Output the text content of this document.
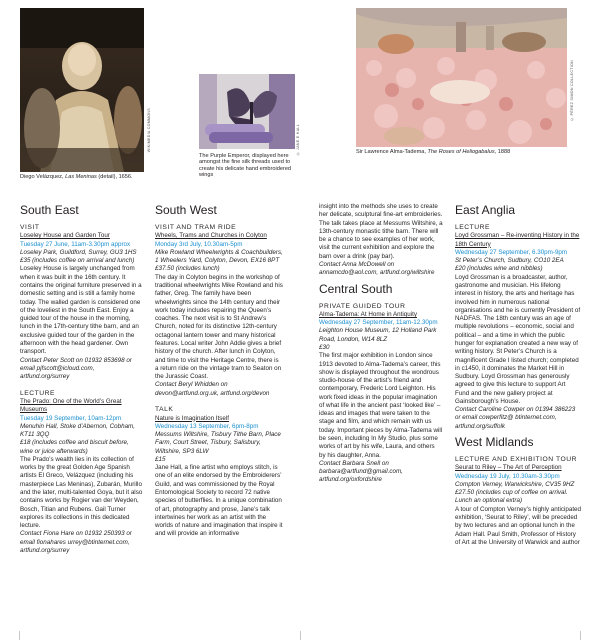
WIKIMEDIA COMMONS
Diego Velázquez, Las Meninas (detail), 1656.
© JANE E HALL
The Purple Emperor, displayed here amongst the fine silk threads used to create his delicate hand embroidered wings
© PÉREZ SIMON COLLECTION
Sir Lawrence Alma-Tadema, The Roses of Heliogabalus, 1888
South East

VISIT

Loseley House and Garden Tour

Tuesday 27 June, 11am-3.30pm approx

Loseley Park, Guildford, Surrey, GU3 1HS

£35 (includes coffee on arrival and lunch)

Loseley House is largely unchanged from when it was built in the 16th century. It contains the original furniture preserved in a domestic setting and is still a family home today. The walled garden is considered one of the loveliest in the South East. Enjoy a guided tour of the house in the morning, lunch in the 17th-century tithe barn, and an exclusive guided tour of the garden in the afternoon with the head gardener. Own transport.

Contact Peter Scott on 01932 853698 or email pjfscott@icloud.com, artfund.org/surrey

LECTURE

The Prado: One of the World’s Great Museums

Tuesday 19 September, 10am-12pm

Menuhin Hall, Stoke d’Abernon, Cobham, KT11 3QQ

£18 (includes coffee and biscuit before, wine or juice afterwards)

The Prado’s wealth lies in its collection of works by the great Golden Age Spanish artists El Greco, Velázquez (including his masterpiece Las Meninas), Zubarán, Murillo and the later, multi-talented Goya, but it also contains works by Rogier van der Weyden, Bosch, Titian and Rubens. Gail Turner explores its collections in this dedicated lecture.

Contact Fiona Hare on 01932 250393 or email fionahares urrey@btinternet.com, artfund.org/surrey

South West

VISIT AND TRAM RIDE

Wheels, Trams and Churches in Colyton

Monday 3rd July, 10.30am-5pm

Mike Rowland Wheelwrights & Coachbuilders, 1 Wheelers Yard, Colyton, Devon, EX16 8PT £37.50 (includes lunch)

The day in Colyton begins in the workshop of traditional wheelwrights Mike Rowland and his father, Greg. The family have been wheelwrights since the 14th century and their work today includes repairing the Queen’s coaches. The next visit is to St Andrew’s Church, noted for its distinctive 12th-century octagonal lantern tower and many historical features. Local writer John Addie gives a brief history of the church. After lunch in Colyton, and time to visit the Heritage Centre, there is a return ride on the vintage tram to Seaton on the Jurassic Coast.

Contact Beryl Whidden on devon@artfund.org.uk, artfund.org/devon

TALK

Nature is Imagination Itself

Wednesday 13 September, 6pm-8pm

Messums Wiltshire, Tisbury Tithe Barn, Place Farm, Court Street, Tisbury, Salisbury, Wiltshire, SP3 6LW

£15

Jane Hall, a fine artist who employs stitch, is one of an elite endorsed by the Embroiderers’ Guild, and was commissioned by the Royal Entomological Society to record 72 native species of butterflies. In a unique combination of art, photography and prose, Jane’s talk intertwines her work as an artist with the worlds of nature and imagination that inspire it and will provide an informative

insight into the methods she uses to create her delicate, sculptural fine-art embroideries. The talk takes place at Messums Wiltshire, a 13th-century monastic tithe barn. There will be a chance to see examples of her work, visit the current exhibition and explore the barn over a drink (pay bar).

Contact Anna McDowell on annamcdo@aol.com, artfund.org/wiltshire

Central South

PRIVATE GUIDED TOUR

Alma-Tadema: At Home in Antiquity

Wednesday 27 September, 11am-12.30pm

Leighton House Museum, 12 Holland Park Road, London, W14 8LZ

£30

The first major exhibition in London since 1913 devoted to Alma-Tadema’s career, this show is displayed throughout the wondrous studio-house of the artist’s friend and contemporary, Frederic Lord Leighton. His work fixed ideas in the popular imagination of what life in the ancient past ‘looked like’ – ideas and images that were taken to the stage and film, and which remain with us today. Important pieces by Alma-Tadema will be seen, including In My Studio, plus some works of art by his wife, Laura, and others by his daughter, Anna.

Contact Barbara Snell on barbara@artfund@gmail.com, artfund.org/oxfordshire

East Anglia

LECTURE

Loyd Grossman – Re-inventing History in the 18th Century

Wednesday 27 September, 6.30pm-9pm

St Peter’s Church, Sudbury, CO10 2EA

£20 (includes wine and nibbles)

Loyd Grossman is a broadcaster, author, gastronome and musician. His lifelong interest in history, the arts and heritage has involved him in numerous national organisations and he is currently President of NADFAS. The 18th century was an age of multiple revolutions – economic, social and political – and a time in which the public hunger for explanation created a new way of writing history. St Peter’s Church is a magnificent Grade I listed church; completed in c1450, it dominates the Market Hill in Sudbury. Loyd Grossman has generously agreed to give this lecture to support Art Fund and the new gallery project at Gainsborough’s House.

Contact Caroline Cowper on 01394 386223 or email cowperfitz@ btinternet.com, artfund.org/suffolk

West Midlands

LECTURE AND EXHIBITION TOUR

Seurat to Riley – The Art of Perception

Wednesday 19 July, 10.30am-3.30pm

Compton Verney, Warwickshire, CV35 9HZ £27.50 (includes cup of coffee on arrival. Lunch an optional extra)

A tour of Compton Verney’s highly anticipated exhibition, ‘Seurat to Riley’, will be preceded by two lectures and an optional lunch in the Adam Hall. Paul Smith, Professor of History of Art at the University of Warwick and author
